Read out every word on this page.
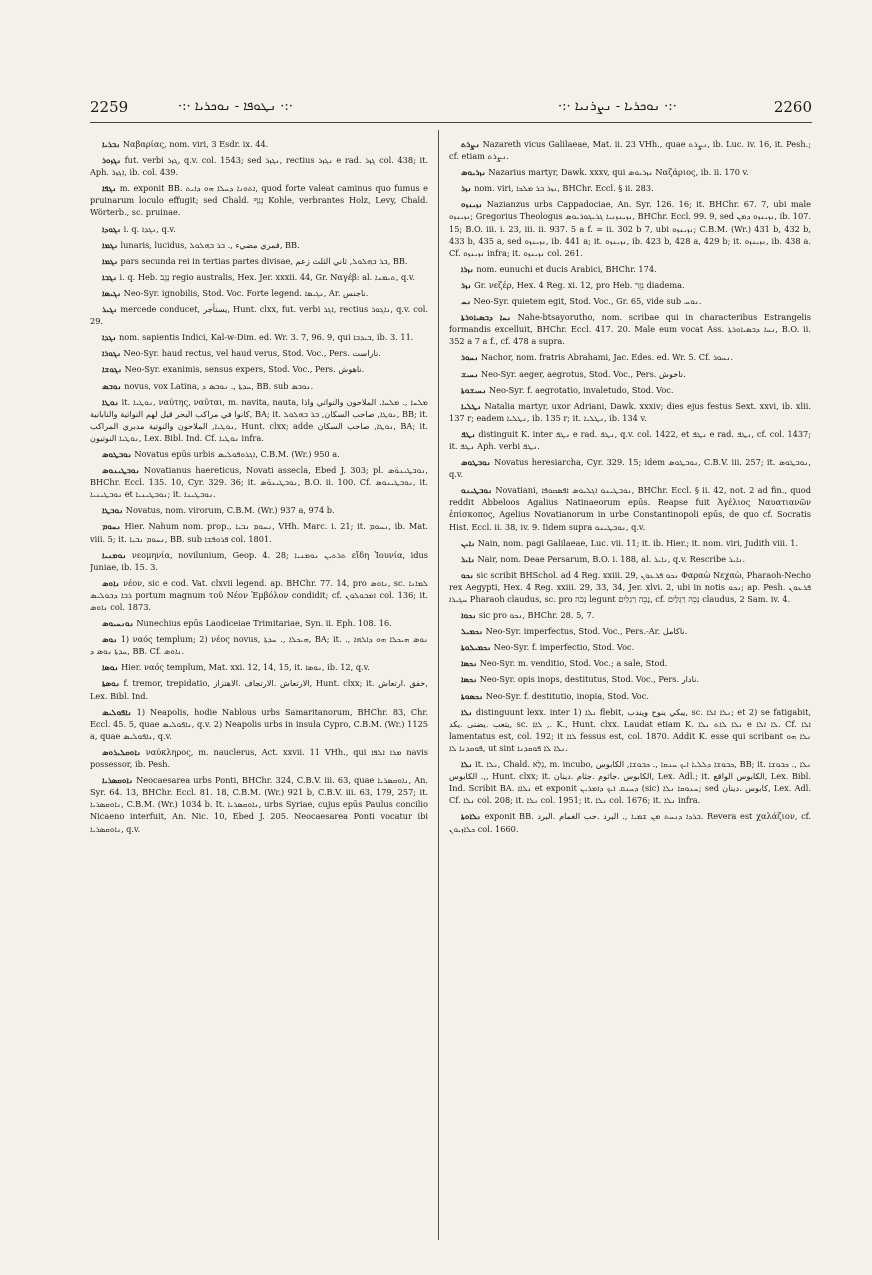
2259	·:· ܢܛܘܦܐ - ܢܘܟܪܝܐ ·:·	·:· ܢܘܟܪܝܐ - ܢܨܪܢܝܐ ·:·	2260

ܢܒܪܝܐ Ναβαρίας, nom. viri, 3 Esdr. ix. 44.

ܢܓܙܘܪ fut. verbi ܓܙܪ, q.v. col. 1543; sed ܢܓܙܪ, rectius ܢܓܙܪ e rad. ܓܙܪ col. 438; it. Aph. ܐܓܙܪ, ib. col. 439.

ܢܓܦܐ m. exponit BB. ܐܬܘܢܐ ܕܚܠܐ ܗܘ ܕܐܝܬ, quod forte valeat caminus quo fumus e pruinarum loculo effugit; sed Chald. נְגַף Kohle, verbrantes Holz, Levy, Chald. Wörterb., sc. pruinae.

ܢܓܘܕܐ i. q. ܢܓܕܐ, q.v.

ܢܓܡܐ lunaris, lucidus, قمري مضيء ,. ܒܪ ܒܗܠܘܠ, BB.

ܢܓܡܐ pars secunda rei in tertias partes divisae, ܒܪ ܒܗܠܘܠ, ثاني الثلث زعم, BB.

ܢܓܒܐ i. q. Heb. נֶגֶב regio australis, Hex. Jer. xxxii. 44, Gr. Ναγέβ: al. ܬܝܡܢܐ, q.v.

ܢܓܝܣܐ Neo-Syr. ignobilis, Stod. Voc. Forte legend. ܢܓܝܣܐ, Ar. ناجنس.

ܢܓܝܪ mercede conducet, يستأجر, Hunt. clxx, fut. verbi ܐܓܪ, rectius ܢܐܓܘܪ, q.v. col. 29.

ܢܓܕܐ nom. sapientis Indici, Kal-w-Dim. ed. Wr. 3. 7, 96. 9, qui ܒܝܕܒܐ, ib. 3. 11.

ܢܓܘܪܐ Neo-Syr. haud rectus, vel haud verus, Stod. Voc., Pers. ناراست.

ܢܓܘܫܐ Neo-Syr. exanimis, sensus expers, Stod. Voc., Pers. ناهوش.

ܢܘܒܣ novus, vox Latina, ܚܕܬܐ ,. ܢܘܒܣ ܕ, BB. sub ܢܘܒܣ.

ܢܘܛܐ it. ܢܘܛܝܐ, ναύτης, ναῦται, m. navita, nauta, ܡܠܚܐ ,. ܡܠܚܐ. الملاحون والنواتي واذا كانوا في مراكب البحر قيل لهم النواتية والنابانية, BA; it. ܢܘܛܐ, صاحب السكان, ܒܪ ܒܗܠܘܠ, BB; it. ܢܘܛܝܐ, الملاحون والنوتية مدبري المراكب, Hunt. clxx; adde ܢܘܛܐ, صاحب السكان, BA; it. ܢܘܛܝܐ النوتيون, Lex. Bibl. Ind. Cf. ܢܘܛܝܐ infra.

ܢܘܒܛܘܣ Novatus epūs urbis ܐܓܪܘܦܘܠܝܣ, C.B.M. (Wr.) 950 a.

ܢܘܒܛܝܢܘܣ Novatianus haereticus, Novati assecla, Ebed J. 303; pl. ܢܘܒܛܝܢܘ̈ܣ, BHChr. Eccl. 135. 10, Cyr. 329. 36; it. ܢܘܒܛܝܢܘ̈ܣ, B.O. ii. 100. Cf. ܢܘܒܛܝܢܘܣ, it. ܢܘܒܛܝܢܝܐ et ܢܘܒܛܝܢܝܐ; it. ܢܘܒܛܝܢܐ.

ܢܘܒܛܐ Novatus, nom. virorum, C.B.M. (Wr.) 937 a, 974 b.

ܢܚܘܡ Hier. Nahum nom. prop., ܢܚܘܡ ܢܒܝܐ, VHh. Marc. i. 21; it. ܢܚܘܡ, ib. Mat. viii. 5; it. ܢܚܘܡ ܢܒܝܐ, BB. sub ܦܪܘܦܫܐ col. 1801.

ܢܘܡܢܝܐ νεομηνία, novilunium, Geop. 4. 28; ܬܪܬܝܢ ܢܘܡܢܝܐ εἴδη Ἰουνία, idus Juniae, ib. 15. 3.

ܢܐܘܣ νέον, sic e cod. Vat. clxvii legend. ap. BHChr. 77. 14, pro ܢܐܘܣ, sc. ܠܡܐܢܐ ܪܒܐ ܕܒܘܠܝܣ portum magnum τοῦ Νέον Ἐμβόλον condidit; cf. ܐܡܒܘܠܘܢ col. 136; it. ܢܐܘܣ col. 1873.

ܢܘܢܚܝܘܣ Nunechius epūs Laodiceiae Trimitariae, Syn. ii. Eph. 108. 16.

ܢܘܣ 1) ναός templum; 2) νέος novus, ܗܝܟܠܐ ,. ܚܕܬܐ, BA; it. ܢܘܣ ܗܝܟܠܐ ܗܘ ܕܐܠܗܐ ,. ܚܕܬܐ ܢܘܣ ܕ, BB. Cf. ܢܐܘܣ.

ܢܘܣܐ Hier. ναός templum, Mat. xxi. 12, 14, 15, it. ܢܘܣܐ, ib. 12, q.v.

ܢܘܣܬܐ f. tremor, trepidatio, الارتعاش .الارتجاف .الاهتزاز, Hunt. clxx; it. خفق .ارتعاش, Lex. Bibl. Ind.

ܢܐܦܘܠܝܣ 1) Neapolis, hodie Nablous urbs Samaritanorum, BHChr. 83, Chr. Eccl. 45. 5, quae ܢܐܦܘܠܝܣ, q.v. 2) Neapolis urbs in insula Cypro, C.B.M. (Wr.) 1125 a, quae ܢܐܦܘܠܝܣ, q.v.

ܢܐܘܩܠܝܪܘܣ ναύκληρος, m. nauclerus, Act. xxvii. 11 VHh., qui ܡܪܐ ܐܠܦܐ navis possessor, ib. Pesh.

ܢܐܘܩܣܪܝܐ Neocaesarea urbs Ponti, BHChr. 324, C.B.V. iii. 63, quae ܢܐܘܩܣܪܝܐ, An. Syr. 64. 13, BHChr. Eccl. 81. 18, C.B.M. (Wr.) 921 b, C.B.V. iii. 63, 179, 257; it. ܢܐܘܩܣܪܝܐ, C.B.M. (Wr.) 1034 b. It. ܢܐܘܩܣܪܝܐ, urbs Syriae, cujus epūs Paulus concilio Nicaeno interfuit, An. Nic. 10, Ebed J. 205. Neocaesarea Ponti vocatur ibi ܢܐܘܩܣܪܝܐ, q.v.

ܢܨܪܬ Nazareth vicus Galilaeae, Mat. ii. 23 VHh., quae ܢܨܪܬ, ib. Luc. iv. 16, it. Pesh.; cf. etiam ܢܨܪܬ.

ܢܙܪܝܘܣ Nazarius martyr, Dawk. xxxv, qui ܢܙܪܝܘܣ Ναζάριος, ib. ii. 170 v.

ܢܙܪ nom. viri, ܢܙܪ ܒܪ ܡܠܟܐ, BHChr. Eccl. § ii. 283.

ܢܙܝܢܙܘ Nazianzus urbs Cappadociae, An. Syr. 126. 16; it. BHChr. 67. 7, ubi male ܢܙܝܢܙܘ; Gregorius Theologus ܢܙܝܢܙܢܝܐ ܓܪܝܓܘܪܝܘܣ, BHChr. Eccl. 99. 9, sed ܢܙܝܢܙܘ ܕܡܢ, ib. 107. 15; B.O. iii. i. 23, iii. ii. 937. 5 a f. = ii. 302 b 7, ubi ܢܙܝܢܙܘ; C.B.M. (Wr.) 431 b, 432 b, 433 b, 435 a, sed ܢܙܝܢܙܘ, ib. 441 a; it. ܢܙܝܢܙܘ, ib. 423 b, 428 a, 429 b; it. ܢܙܝܢܙܘ, ib. 438 a. Cf. ܢܙܝܢܙܘ infra; it. ܢܙܝܢܙܘ col. 261.

ܢܙܪܐ nom. eunuchi et ducis Arabici, BHChr. 174.

ܢܙܪ Gr. νεζέρ, Hex. 4 Reg. xi. 12, pro Heb. נֵזֶר diadema.

ܢܚ Neo-Syr. quietem egit, Stod. Voc., Gr. 65, vide sub ܢܘܚ.

ܢܚܐ ܕܒܣܝܐܘܪܬܐ Nahe-btsayorutho, nom. scribae qui in characteribus Estrangelis formandis excelluit, BHChr. Eccl. 417. 20. Male eum vocat Ass. ܢܚܐ ܕܒܣܝܐܘܪܬܐ, B.O. ii. 352 a 7 a f., cf. 478 a supra.

ܢܚܘܪ Nachor, nom. fratris Abrahami, Jac. Edes. ed. Wr. 5. Cf. ܢܚܘܪ.

ܢܚܝܫ Neo-Syr. aeger, aegrotus, Stod. Voc., Pers. ناخوش.

ܢܚܝܫܘܬܐ Neo-Syr. f. aegrotatio, invaletudo, Stod. Voc.

ܢܛܠܝܐ Natalia martyr, uxor Adriani, Dawk. xxxiv; dies ejus festus Sext. xxvi, ib. xlii. 137 r; eadem ܢܛܠܝܐ, ib. 135 r; it. ܢܛܠܝܐ, ib. 134 v.

ܢܛܦ distinguit K. inter ܢܛܦ e rad. ܢܛܦ, q.v. col. 1422, et ܢܛܦ e rad. ܢܛܦ, cf. col. 1437; it. ܢܛܦ Aph. verbi ܢܛܦ.

ܢܘܒܛܘܣ Novatus heresiarcha, Cyr. 329. 15; idem ܢܘܒܛܘܣ, C.B.V. iii. 257; it. ܢܘܒܛܘܣ, q.v.

ܢܘܒܛܝܢܘ Novatiani, ܢܘܒܛܝܢܘ ܐܓܠܝܘܣ ܐܦܣܩܘܦܐ, BHChr. Eccl. § ii. 42, not. 2 ad fin., quod reddit Abbeloos Agalius Natinaeorum epūs. Reapse fuit Ἀγέλιος Ναυατιανῶν ἐπίσκοπος, Agelius Novatianorum in urbe Constantinopoli epūs, de quo cf. Socratis Hist. Eccl. ii. 38, iv. 9. Iidem supra ܢܘܒܛܝܢܘ, q.v.

ܢܐܝܢ Nain, nom. pagi Galilaeae, Luc. vii. 11; it. ib. Hier.; it. nom. viri, Judith viii. 1.

ܢܐܝܪ Nair, nom. Deae Persarum, B.O. i. 188, al. ܢܐܝܪ, q.v. Rescribe ܢܐܝܪ.

ܢܟܘ sic scribit BHSchol. ad 4 Reg. xxiii. 29, ܢܟܘ ܦܪܥܘܢ Φαραὼ Νεχαὼ, Pharaoh-Necho rex Aegypti, Hex. 4 Reg. xxiii. 29, 33, 34, Jer. xlvi. 2, ubi in notis ܢܟܘ; ap. Pesh. ܦܪܥܘܢ ܚܓܝܪܐ Pharaoh claudus, sc. pro נְכֹה legunt נָכֵה רַגְלַיִם, cf. נְכֵה רַגְלַיִם claudus, 2 Sam. iv. 4.

ܢܟܘܐ sic pro ܢܟܘ, BHChr. 28. 5, 7.

ܢܟܡܝܠ Neo-Syr. imperfectus, Stod. Voc., Pers.-Ar. ناكامل.

ܢܟܡܝܠܘܬܐ Neo-Syr. f. imperfectio, Stod. Voc.

ܢܟܣܐ Neo-Syr. m. venditio, Stod. Voc.; a sale, Stod.

ܢܟܣܐ Neo-Syr. opis inops, destitutus, Stod. Voc., Pers. نادار.

ܢܟܣܘܬܐ Neo-Syr. f. destitutio, inopia, Stod. Voc.

ܢܠܐ distinguunt lexx. inter 1) ܢܠܐ flebit, يبكي ينوح ويندب, sc. ܢܠܐ ܐܠܐ; et 2) se fatigabit, يتعب .يضنى .يكد, sc. ܠܐܐ ,. K., Hunt. clxx. Laudat etiam K. ܢܠܐ ܠܐܬ ܢܠܐ e ܠܐ ܐܠܐ. Cf. ܐܠܐ lamentatus est, col. 192; it ܠܐܐ fessus est, col. 1870. Addit K. esse qui scribant ܢܠܐ ܗܘ ܦܘܩܕܢܐ ܠܐ, ut sint ܢܠܐ ܠܐ ܦܘܩܕܢܐ.

ܢܠܐ it. ܢܠܐ, Chald. נְלָא, m. incubo, ܟܒܘܫܐ ܕܠܠܝܐ ܐܝܟ ܚܢܩܐ ,. ܟܒܘܫܐ, الكابوس, BB; it. ܢܠܐ ,. ܟܒܘܫܐ ,. الكابوس, Hunt. clxx; it. الكابوس .جاثوم .جثام .دينان, Lex. Adl.; it. الكابوس الواقع, Lex. Bibl. Ind. Scribit BA. ܢܠܐܐ et exponit ܕܚܢܩ ܐܝܟ ܕܐܡܪܝܢ (sic) ܚܢܘܩܐ ܢܠܐ; sed كابوس .دينان, Lex. Adl. Cf. ܢܠܐ col. 208; it. ܢܠܐ col. 1951; it. ܢܠܐ col. 1676; it. ܢܠܐ infra.

ܢܠܐܘܬܐ exponit BB. ܒܪܕܐ ܕܢܚܬ ܡܢ ܫܡܝܐ ,. البرد .حب الغمام .البرد. Revera est χαλάζιον, cf. ܟܠܐܙܝܘܢ col. 1660.
